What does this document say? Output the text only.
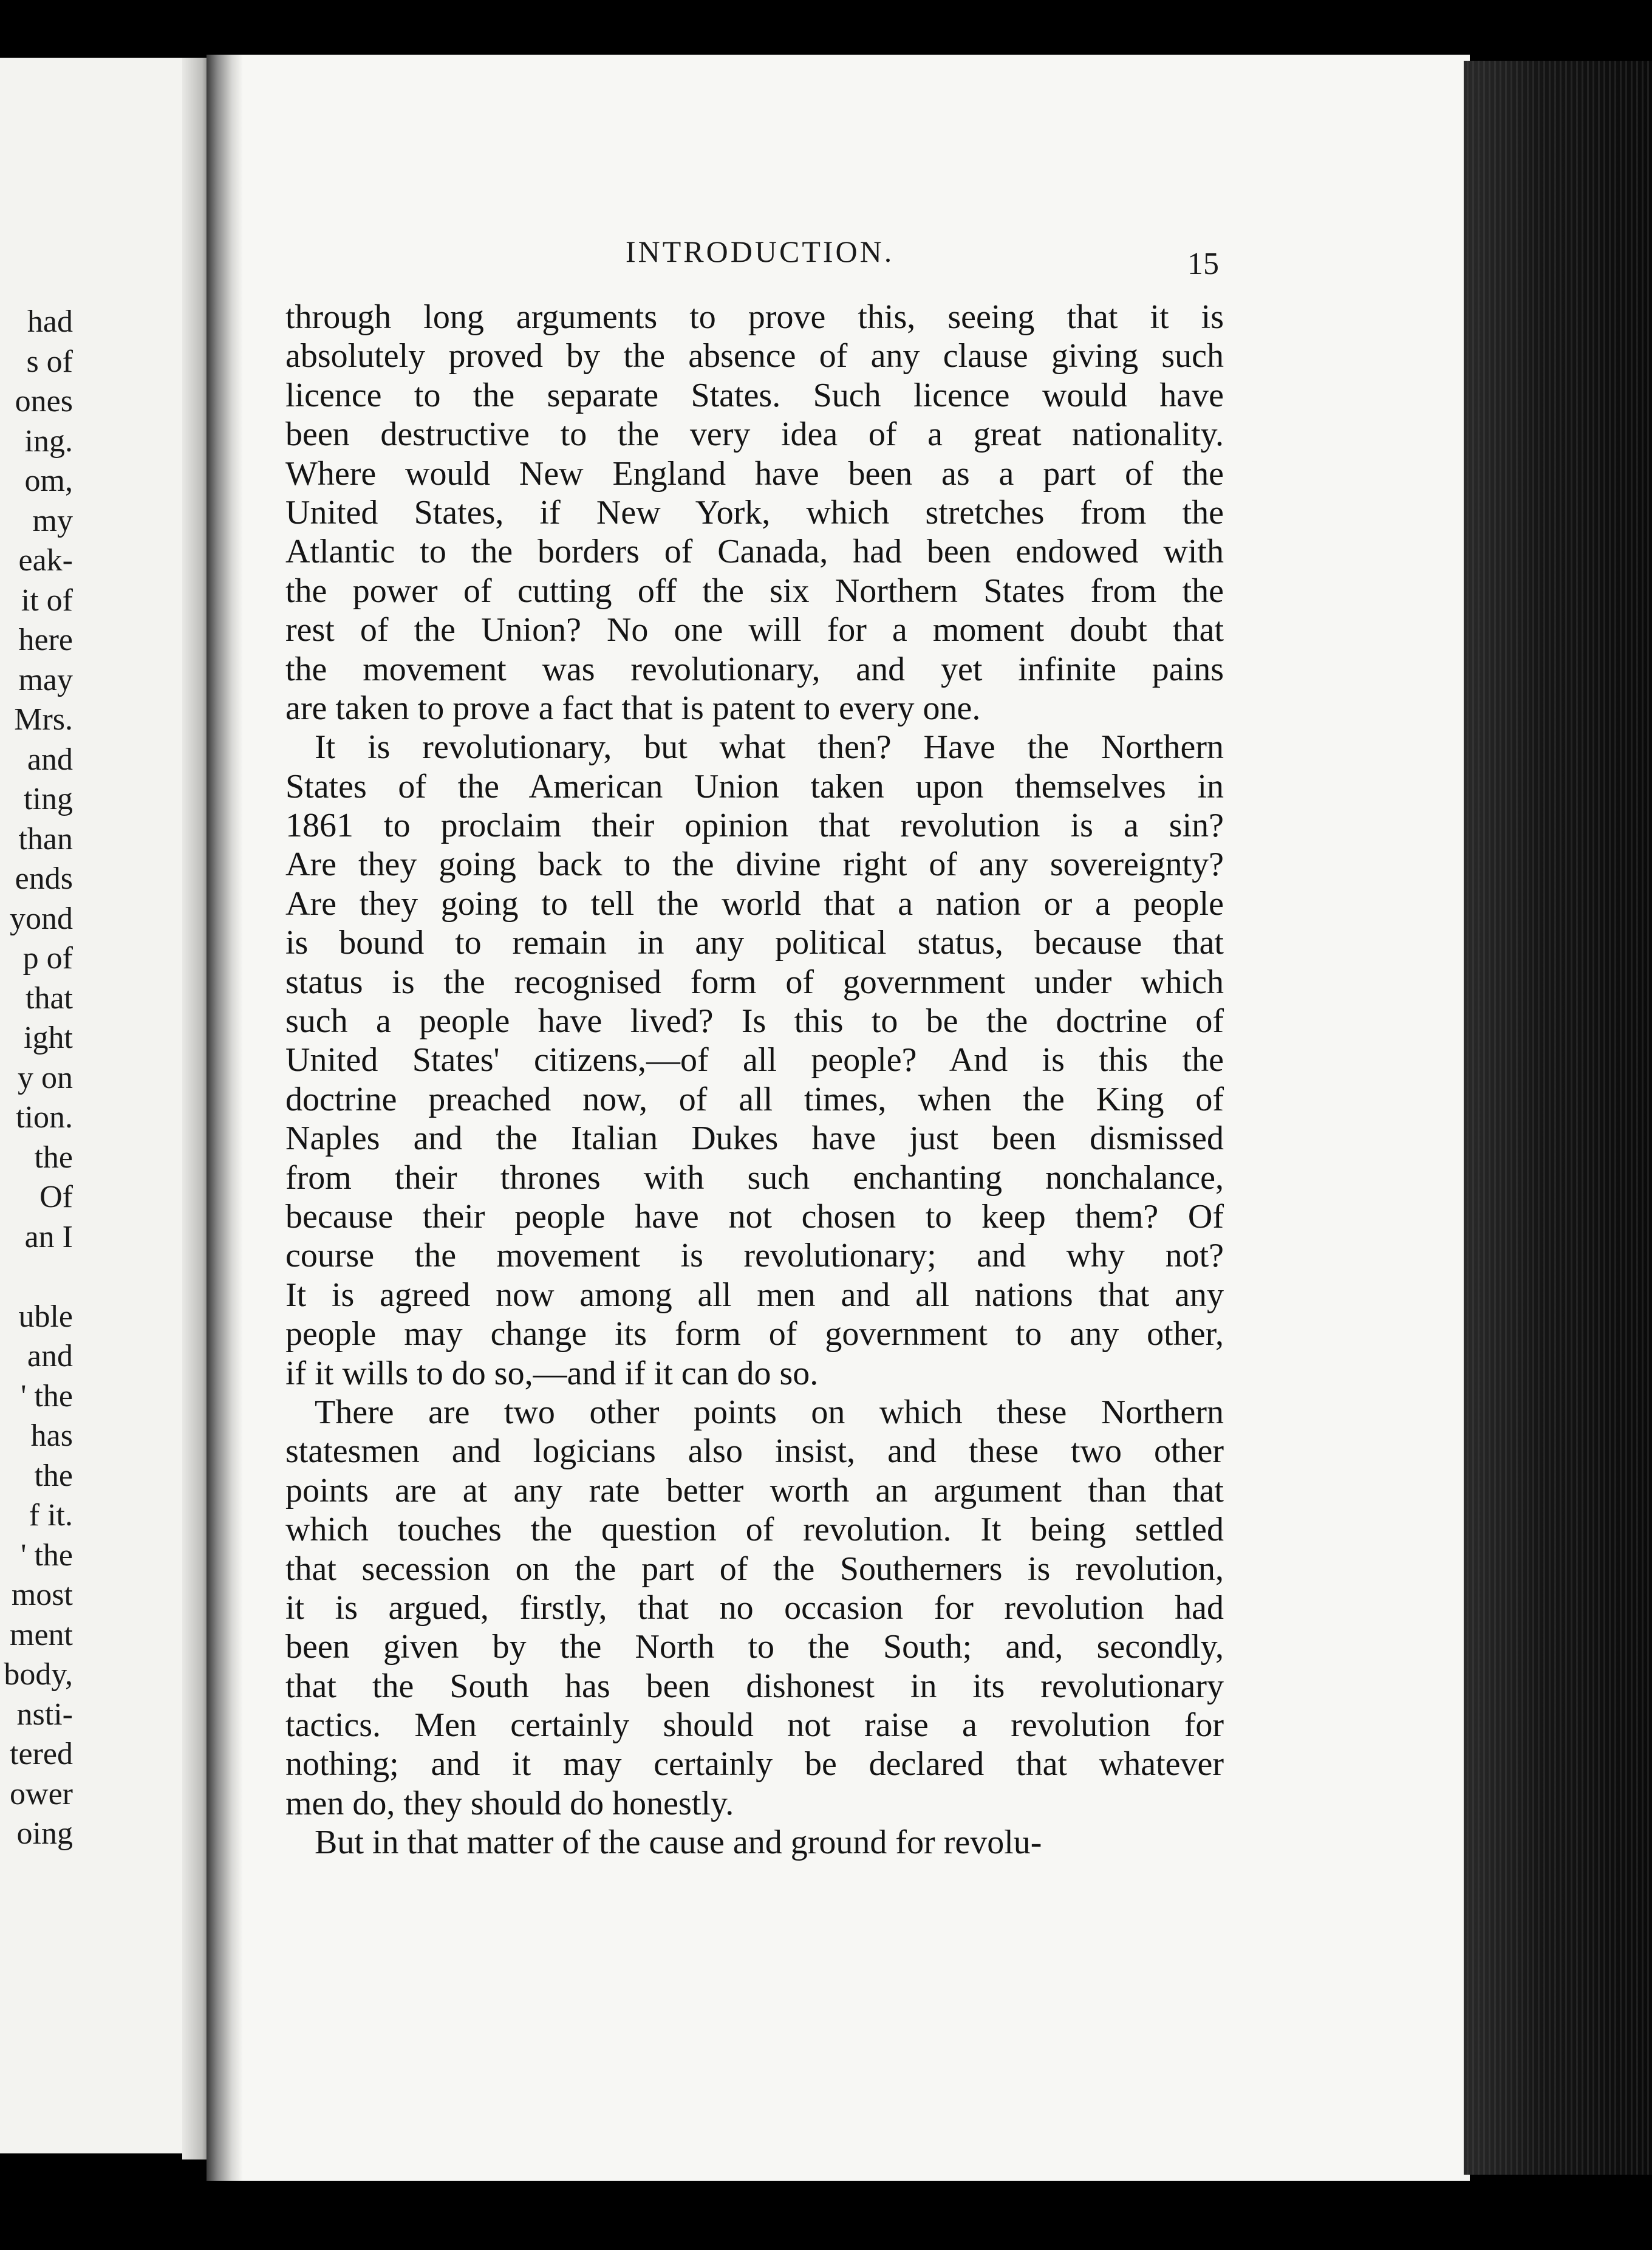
had
s of
ones
ing.
om,
my
eak-
it of
here
may
Mrs.
and
ting
than
ends
yond
p of
that
ight
y on
tion.
the
Of
an I
uble
and
' the
has
the
f it.
' the
most
ment
body,
nsti-
tered
ower
oing
INTRODUCTION.	15
through long arguments to prove this, seeing that it is
absolutely proved by the absence of any clause giving such
licence to the separate States. Such licence would have
been destructive to the very idea of a great nationality.
Where would New England have been as a part of the
United States, if New York, which stretches from the
Atlantic to the borders of Canada, had been endowed with
the power of cutting off the six Northern States from the
rest of the Union? No one will for a moment doubt that
the movement was revolutionary, and yet infinite pains
are taken to prove a fact that is patent to every one.
It is revolutionary, but what then? Have the Northern
States of the American Union taken upon themselves in
1861 to proclaim their opinion that revolution is a sin?
Are they going back to the divine right of any sovereignty?
Are they going to tell the world that a nation or a people
is bound to remain in any political status, because that
status is the recognised form of government under which
such a people have lived? Is this to be the doctrine of
United States' citizens,—of all people? And is this the
doctrine preached now, of all times, when the King of
Naples and the Italian Dukes have just been dismissed
from their thrones with such enchanting nonchalance,
because their people have not chosen to keep them? Of
course the movement is revolutionary; and why not?
It is agreed now among all men and all nations that any
people may change its form of government to any other,
if it wills to do so,—and if it can do so.
There are two other points on which these Northern
statesmen and logicians also insist, and these two other
points are at any rate better worth an argument than that
which touches the question of revolution. It being settled
that secession on the part of the Southerners is revolution,
it is argued, firstly, that no occasion for revolution had
been given by the North to the South; and, secondly,
that the South has been dishonest in its revolutionary
tactics. Men certainly should not raise a revolution for
nothing; and it may certainly be declared that whatever
men do, they should do honestly.
But in that matter of the cause and ground for revolu-
